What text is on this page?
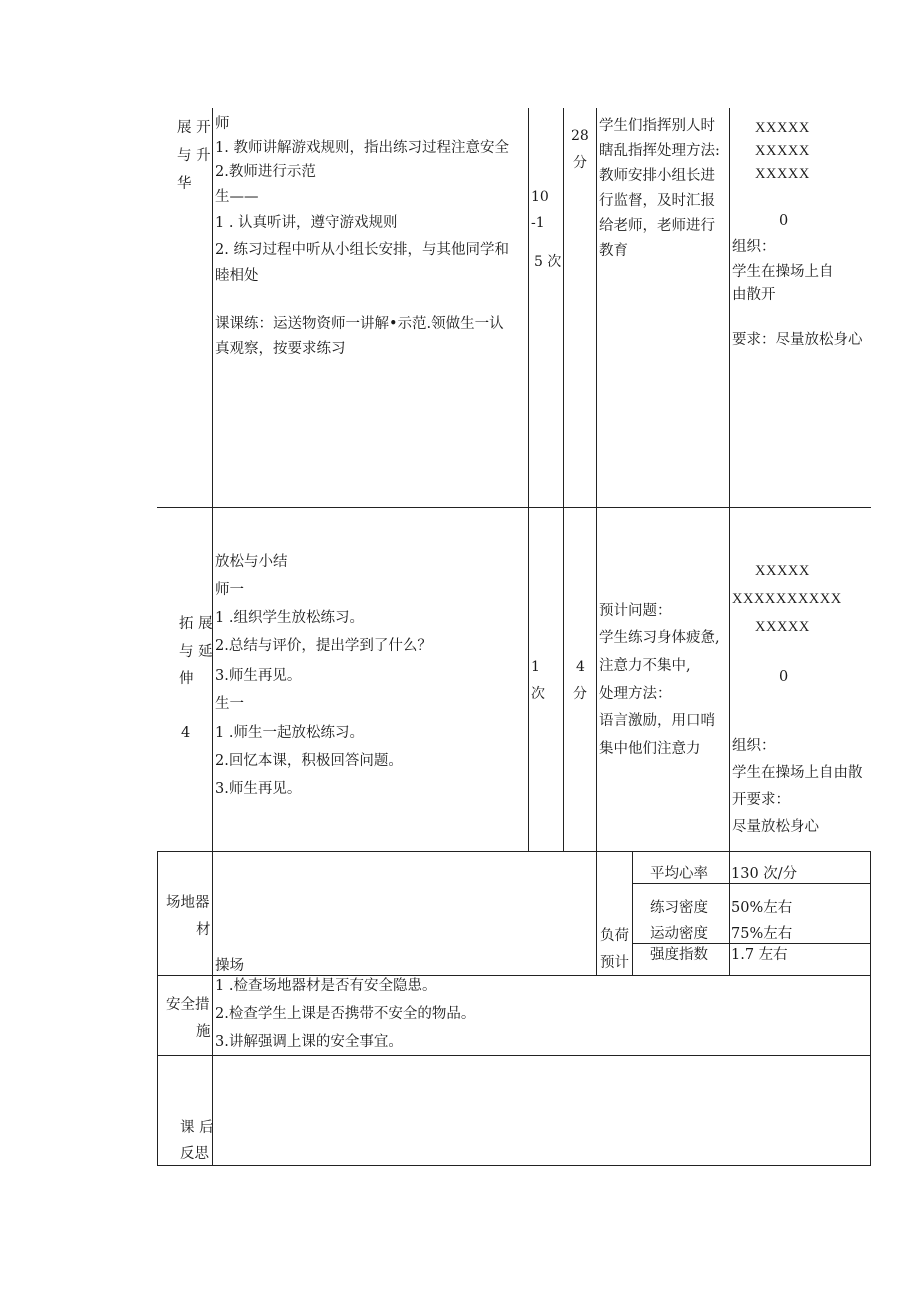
展 开
与 升
华
师
1. 教师讲解游戏规则，指出练习过程注意安全
2.教师进行示范
生——
1 . 认真听讲，遵守游戏规则
2. 练习过程中听从小组长安排，与其他同学和
睦相处
课课练：运送物资师一讲解•示范.领做生一认
真观察，按要求练习
10
-1
5 次
28
分
学生们指挥别人时
瞎乱指挥处理方法:
教师安排小组长进
行监督，及时汇报
给老师，老师进行
教育
XXXXX
XXXXX
XXXXX
0
组织：
学生在操场上自
由散开
要求：尽量放松身心
拓 展
与 延
伸
4
放松与小结
师一
1 .组织学生放松练习。
2.总结与评价，提出学到了什么？
3.师生再见。
生一
1 .师生一起放松练习。
2.回忆本课，积极回答问题。
3.师生再见。
1
次
4
分
预计问题：
学生练习身体疲惫,
注意力不集中,
处理方法：
语言激励，用口哨
集中他们注意力
XXXXX
XXXXXXXXXX
XXXXX
0
组织：
学生在操场上自由散
开要求：
尽量放松身心
场地器
材
操场
负荷
预计
平均心率 130 次/分
练习密度 50%左右
运动密度 75%左右
强度指数 1.7 左右
安全措
施
1 .检查场地器材是否有安全隐患。
2.检查学生上课是否携带不安全的物品。
3.讲解强调上课的安全事宜。
课 后
反思
